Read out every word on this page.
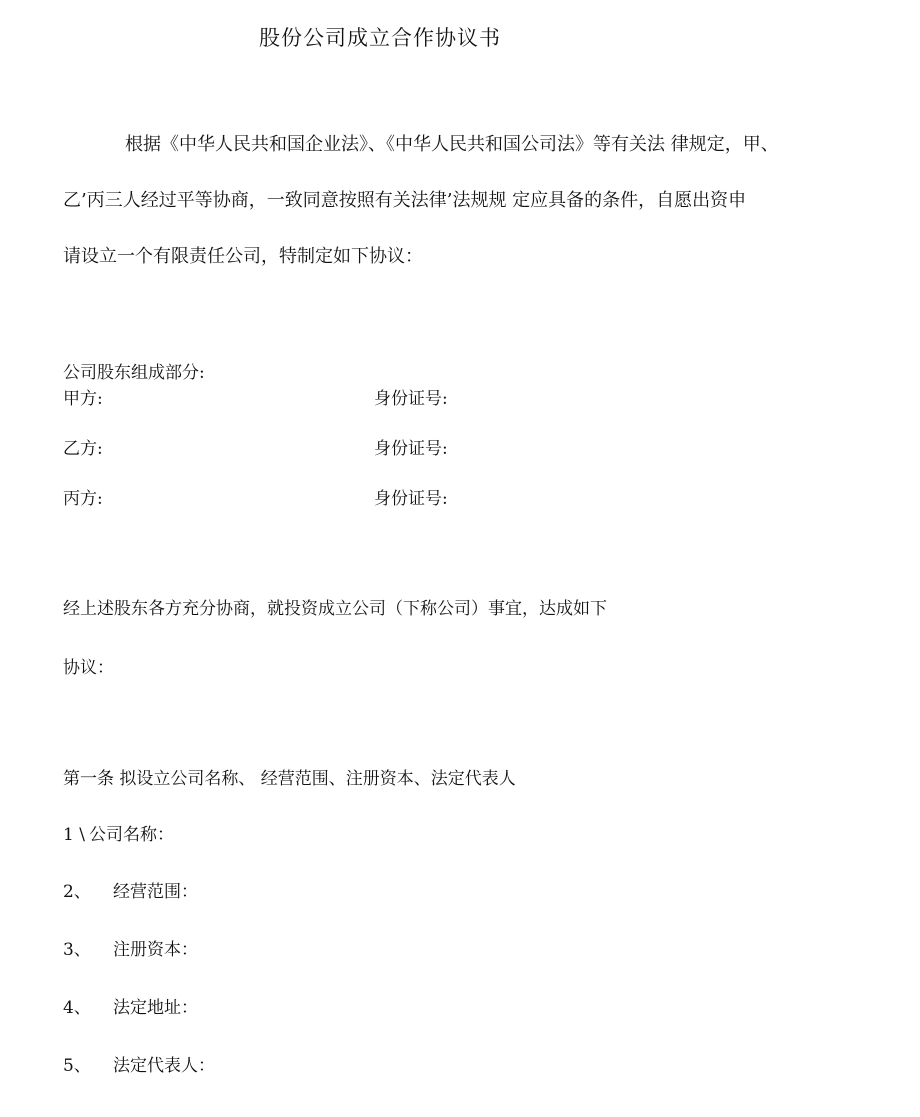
股份公司成立合作协议书
根据《中华人民共和国企业法》、《中华人民共和国公司法》等有关法 律规定，甲、
乙’丙三人经过平等协商，一致同意按照有关法律’法规规 定应具备的条件，自愿出资申
请设立一个有限责任公司，特制定如下协议：
公司股东组成部分:
甲方:	身份证号:
乙方:	身份证号:
丙方:	身份证号:
经上述股东各方充分协商，就投资成立公司（下称公司）事宜，达成如下
协议：
第一条 拟设立公司名称、 经营范围、注册资本、法定代表人
1 \ 公司名称：
2、 经营范围：
3、 注册资本：
4、 法定地址：
5、 法定代表人：
